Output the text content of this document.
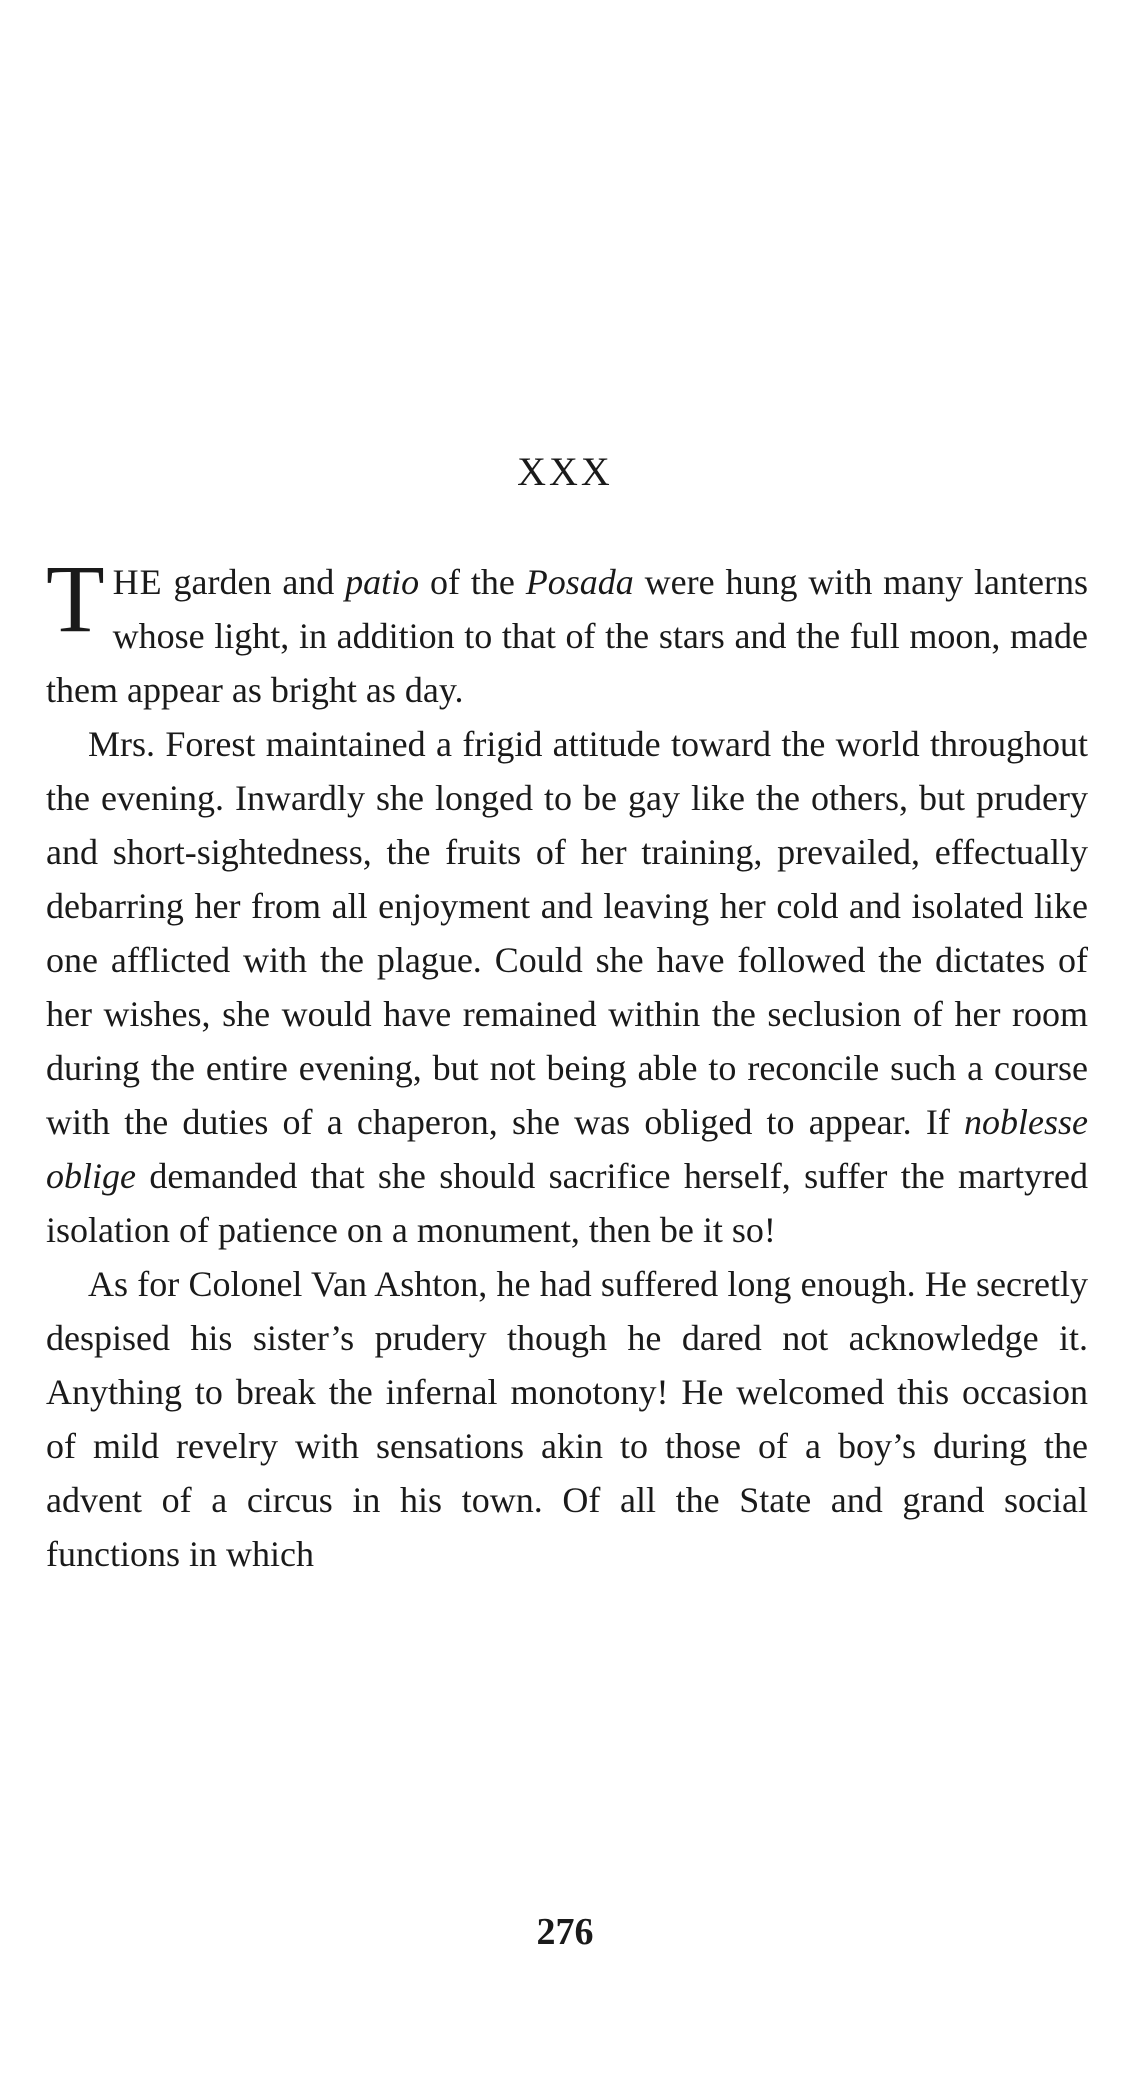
XXX

THE garden and patio of the Posada were hung with many lanterns whose light, in addition to that of the stars and the full moon, made them appear as bright as day.

Mrs. Forest maintained a frigid attitude toward the world throughout the evening. Inwardly she longed to be gay like the others, but prudery and short-sightedness, the fruits of her training, prevailed, effectually debarring her from all enjoyment and leaving her cold and isolated like one afflicted with the plague. Could she have followed the dictates of her wishes, she would have remained within the seclusion of her room during the entire evening, but not being able to reconcile such a course with the duties of a chaperon, she was obliged to appear. If noblesse oblige demanded that she should sacrifice herself, suffer the martyred isolation of patience on a monument, then be it so!

As for Colonel Van Ashton, he had suffered long enough. He secretly despised his sister’s prudery though he dared not acknowledge it. Anything to break the infernal monotony! He welcomed this occasion of mild revelry with sensations akin to those of a boy’s during the advent of a circus in his town. Of all the State and grand social functions in which

276
